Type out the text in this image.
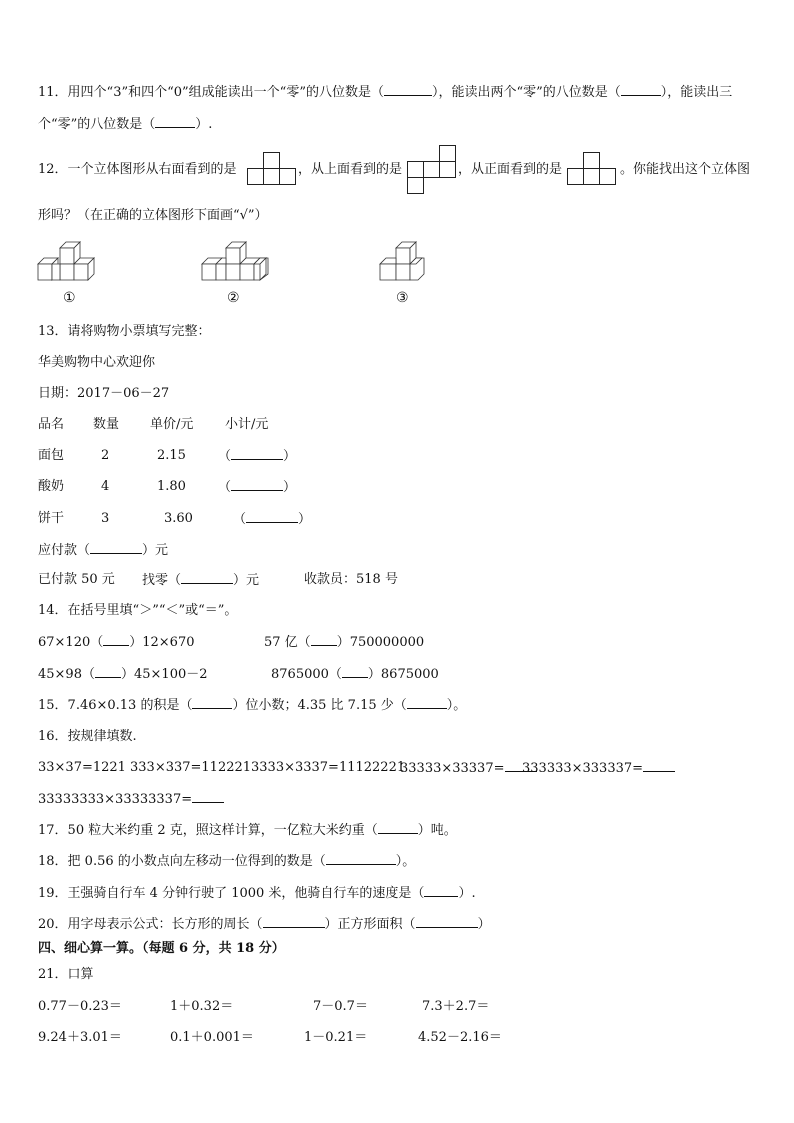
11．用四个“3”和四个“0”组成能读出一个“零”的八位数是（	），能读出两个“零”的八位数是（	），能读出三
个“零”的八位数是（	）.
12．一个立体图形从右面看到的是	，从上面看到的是	，从正面看到的是	。你能找出这个立体图
形吗？（在正确的立体图形下面画“√”）
①	②	③
13．请将购物小票填写完整：
华美购物中心欢迎你
日期：2017－06－27
品名 数量 单价/元 小计/元
面包	2	2.15 （	）
酸奶	4	1.80 （	）
饼干	3	3.60	（	）
应付款（	）元
已付款 50 元 找零（	）元	收款员：518 号
14．在括号里填“＞”“＜”或“＝”。
67×120（ ）12×670	57 亿（ ）750000000
45×98（ ）45×100－2	8765000（ ）8675000
15．7.46×0.13 的积是（	）位小数；4.35 比 7.15 少（	）。
16．按规律填数.
33×37=1221 333×337=112221 3333×3337=11122221
33333×33337=	333333×333337=
33333333×33333337=
17．50 粒大米约重 2 克，照这样计算，一亿粒大米约重（	）吨。
18．把 0.56 的小数点向左移动一位得到的数是（	）。
19．王强骑自行车 4 分钟行驶了 1000 米，他骑自行车的速度是（	）.
20．用字母表示公式：长方形的周长（	）正方形面积（	）
四、细心算一算。（每题 6 分，共 18 分）
21．口算
0.77－0.23＝	1＋0.32＝	7－0.7＝	7.3＋2.7＝
9.24＋3.01＝	0.1＋0.001＝	1－0.21＝	4.52－2.16＝
